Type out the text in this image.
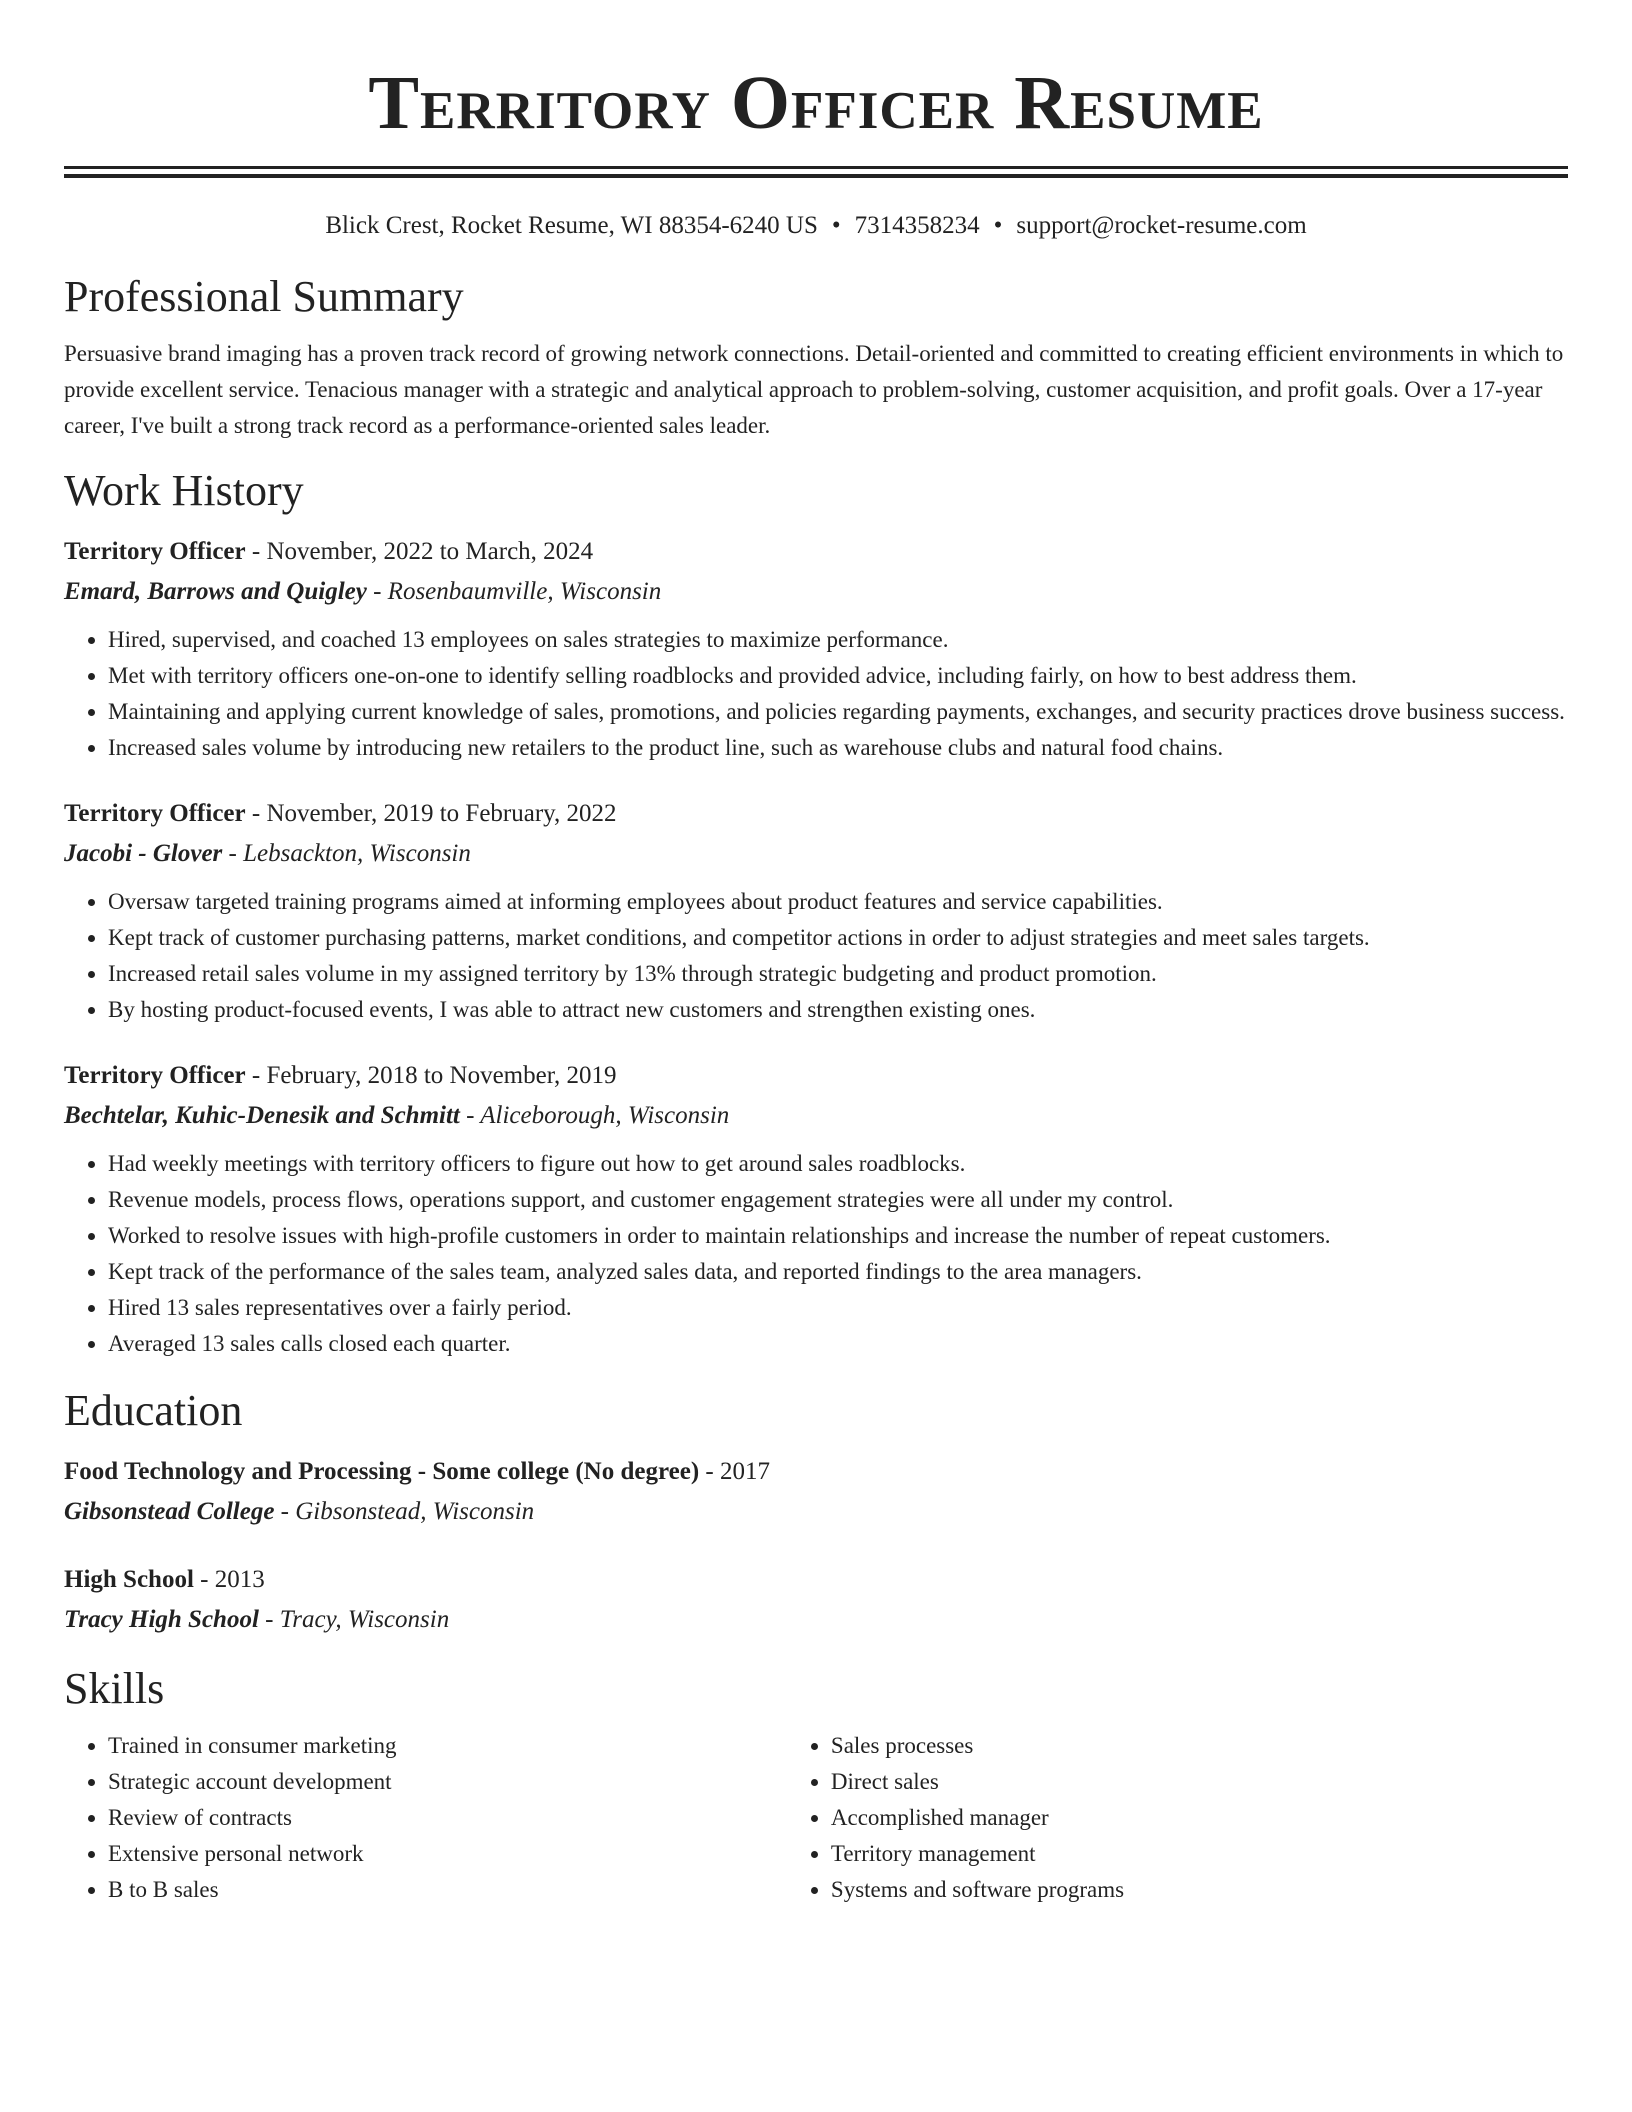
Territory Officer Resume
Blick Crest, Rocket Resume, WI 88354-6240 US • 7314358234 • support@rocket-resume.com
Professional Summary

Persuasive brand imaging has a proven track record of growing network connections. Detail-oriented and committed to creating efficient environments in which to provide excellent service. Tenacious manager with a strategic and analytical approach to problem-solving, customer acquisition, and profit goals. Over a 17-year career, I've built a strong track record as a performance-oriented sales leader.

Work History
Territory Officer - November, 2022 to March, 2024
Emard, Barrows and Quigley - Rosenbaumville, Wisconsin
• Hired, supervised, and coached 13 employees on sales strategies to maximize performance.
• Met with territory officers one-on-one to identify selling roadblocks and provided advice, including fairly, on how to best address them.
• Maintaining and applying current knowledge of sales, promotions, and policies regarding payments, exchanges, and security practices drove business success.
• Increased sales volume by introducing new retailers to the product line, such as warehouse clubs and natural food chains.
Territory Officer - November, 2019 to February, 2022
Jacobi - Glover - Lebsackton, Wisconsin
• Oversaw targeted training programs aimed at informing employees about product features and service capabilities.
• Kept track of customer purchasing patterns, market conditions, and competitor actions in order to adjust strategies and meet sales targets.
• Increased retail sales volume in my assigned territory by 13% through strategic budgeting and product promotion.
• By hosting product-focused events, I was able to attract new customers and strengthen existing ones.
Territory Officer - February, 2018 to November, 2019
Bechtelar, Kuhic-Denesik and Schmitt - Aliceborough, Wisconsin
• Had weekly meetings with territory officers to figure out how to get around sales roadblocks.
• Revenue models, process flows, operations support, and customer engagement strategies were all under my control.
• Worked to resolve issues with high-profile customers in order to maintain relationships and increase the number of repeat customers.
• Kept track of the performance of the sales team, analyzed sales data, and reported findings to the area managers.
• Hired 13 sales representatives over a fairly period.
• Averaged 13 sales calls closed each quarter.
Education
Food Technology and Processing - Some college (No degree) - 2017
Gibsonstead College - Gibsonstead, Wisconsin
High School - 2013
Tracy High School - Tracy, Wisconsin
Skills
• Trained in consumer marketing
• Strategic account development
• Review of contracts
• Extensive personal network
• B to B sales
• Sales processes
• Direct sales
• Accomplished manager
• Territory management
• Systems and software programs
